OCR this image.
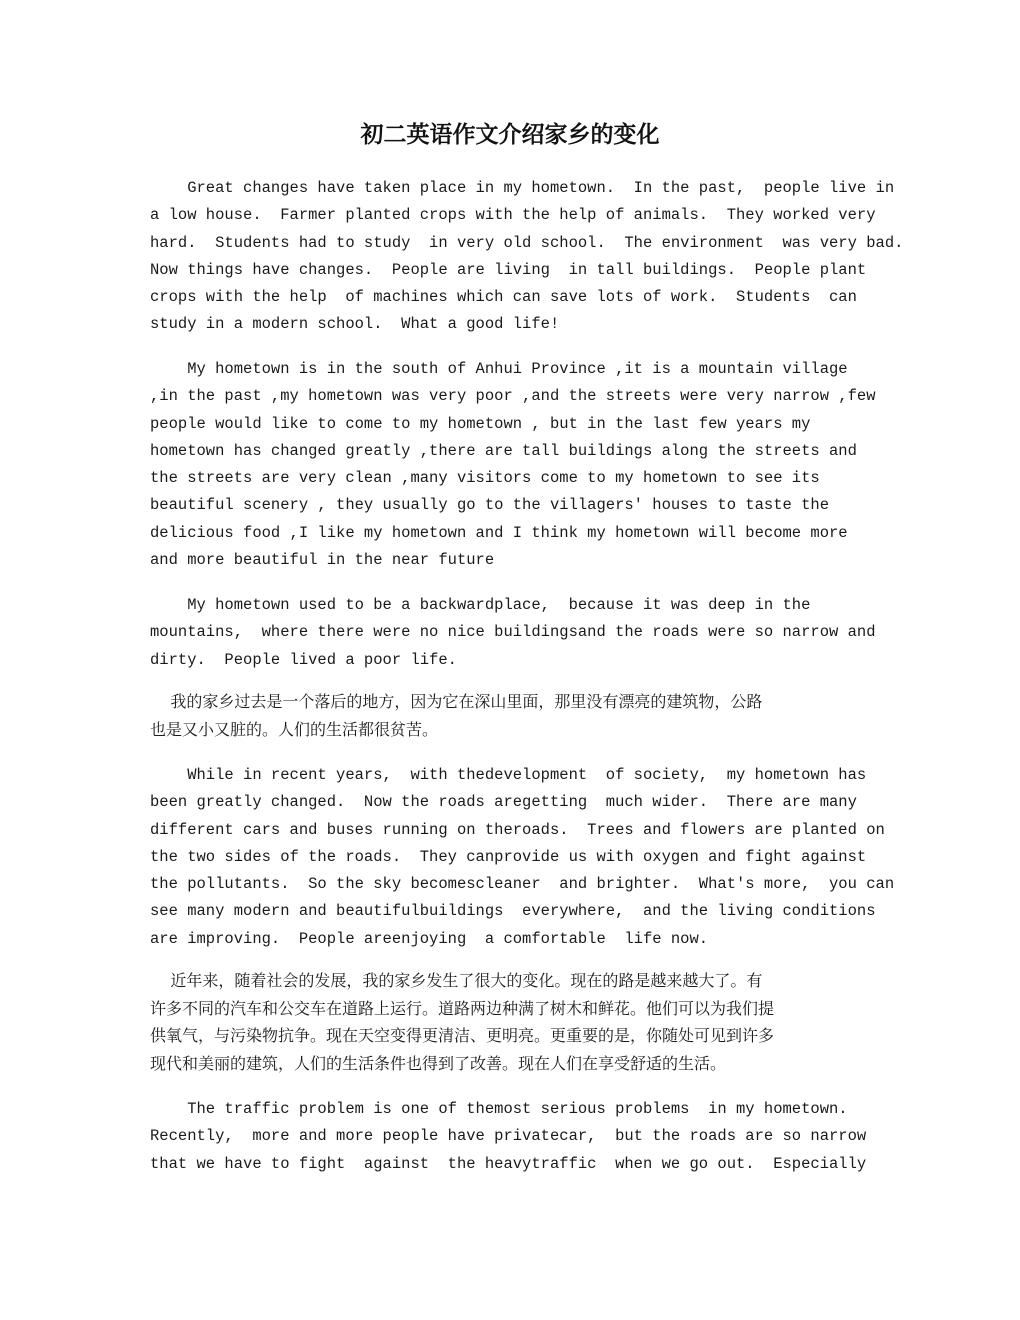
初二英语作文介绍家乡的变化
Great changes have taken place in my hometown.  In the past,  people live in
a low house.  Farmer planted crops with the help of animals.  They worked very
hard.  Students had to study  in very old school.  The environment  was very bad.
Now things have changes.  People are living  in tall buildings.  People plant
crops with the help  of machines which can save lots of work.  Students  can
study in a modern school.  What a good life!
My hometown is in the south of Anhui Province ,it is a mountain village
,in the past ,my hometown was very poor ,and the streets were very narrow ,few
people would like to come to my hometown , but in the last few years my
hometown has changed greatly ,there are tall buildings along the streets and
the streets are very clean ,many visitors come to my hometown to see its
beautiful scenery , they usually go to the villagers' houses to taste the
delicious food ,I like my hometown and I think my hometown will become more
and more beautiful in the near future
My hometown used to be a backwardplace,  because it was deep in the
mountains,  where there were no nice buildingsand the roads were so narrow and
dirty.  People lived a poor life.
我的家乡过去是一个落后的地方，因为它在深山里面，那里没有漂亮的建筑物，公路
也是又小又脏的。人们的生活都很贫苦。
While in recent years,  with thedevelopment  of society,  my hometown has
been greatly changed.  Now the roads aregetting  much wider.  There are many
different cars and buses running on theroads.  Trees and flowers are planted on
the two sides of the roads.  They canprovide us with oxygen and fight against
the pollutants.  So the sky becomescleaner  and brighter.  What's more,  you can
see many modern and beautifulbuildings  everywhere,  and the living conditions
are improving.  People areenjoying  a comfortable  life now.
近年来，随着社会的发展，我的家乡发生了很大的变化。现在的路是越来越大了。有
许多不同的汽车和公交车在道路上运行。道路两边种满了树木和鲜花。他们可以为我们提
供氧气，与污染物抗争。现在天空变得更清洁、更明亮。更重要的是，你随处可见到许多
现代和美丽的建筑，人们的生活条件也得到了改善。现在人们在享受舒适的生活。
The traffic problem is one of themost serious problems  in my hometown.
Recently,  more and more people have privatecar,  but the roads are so narrow
that we have to fight  against  the heavytraffic  when we go out.  Especially
